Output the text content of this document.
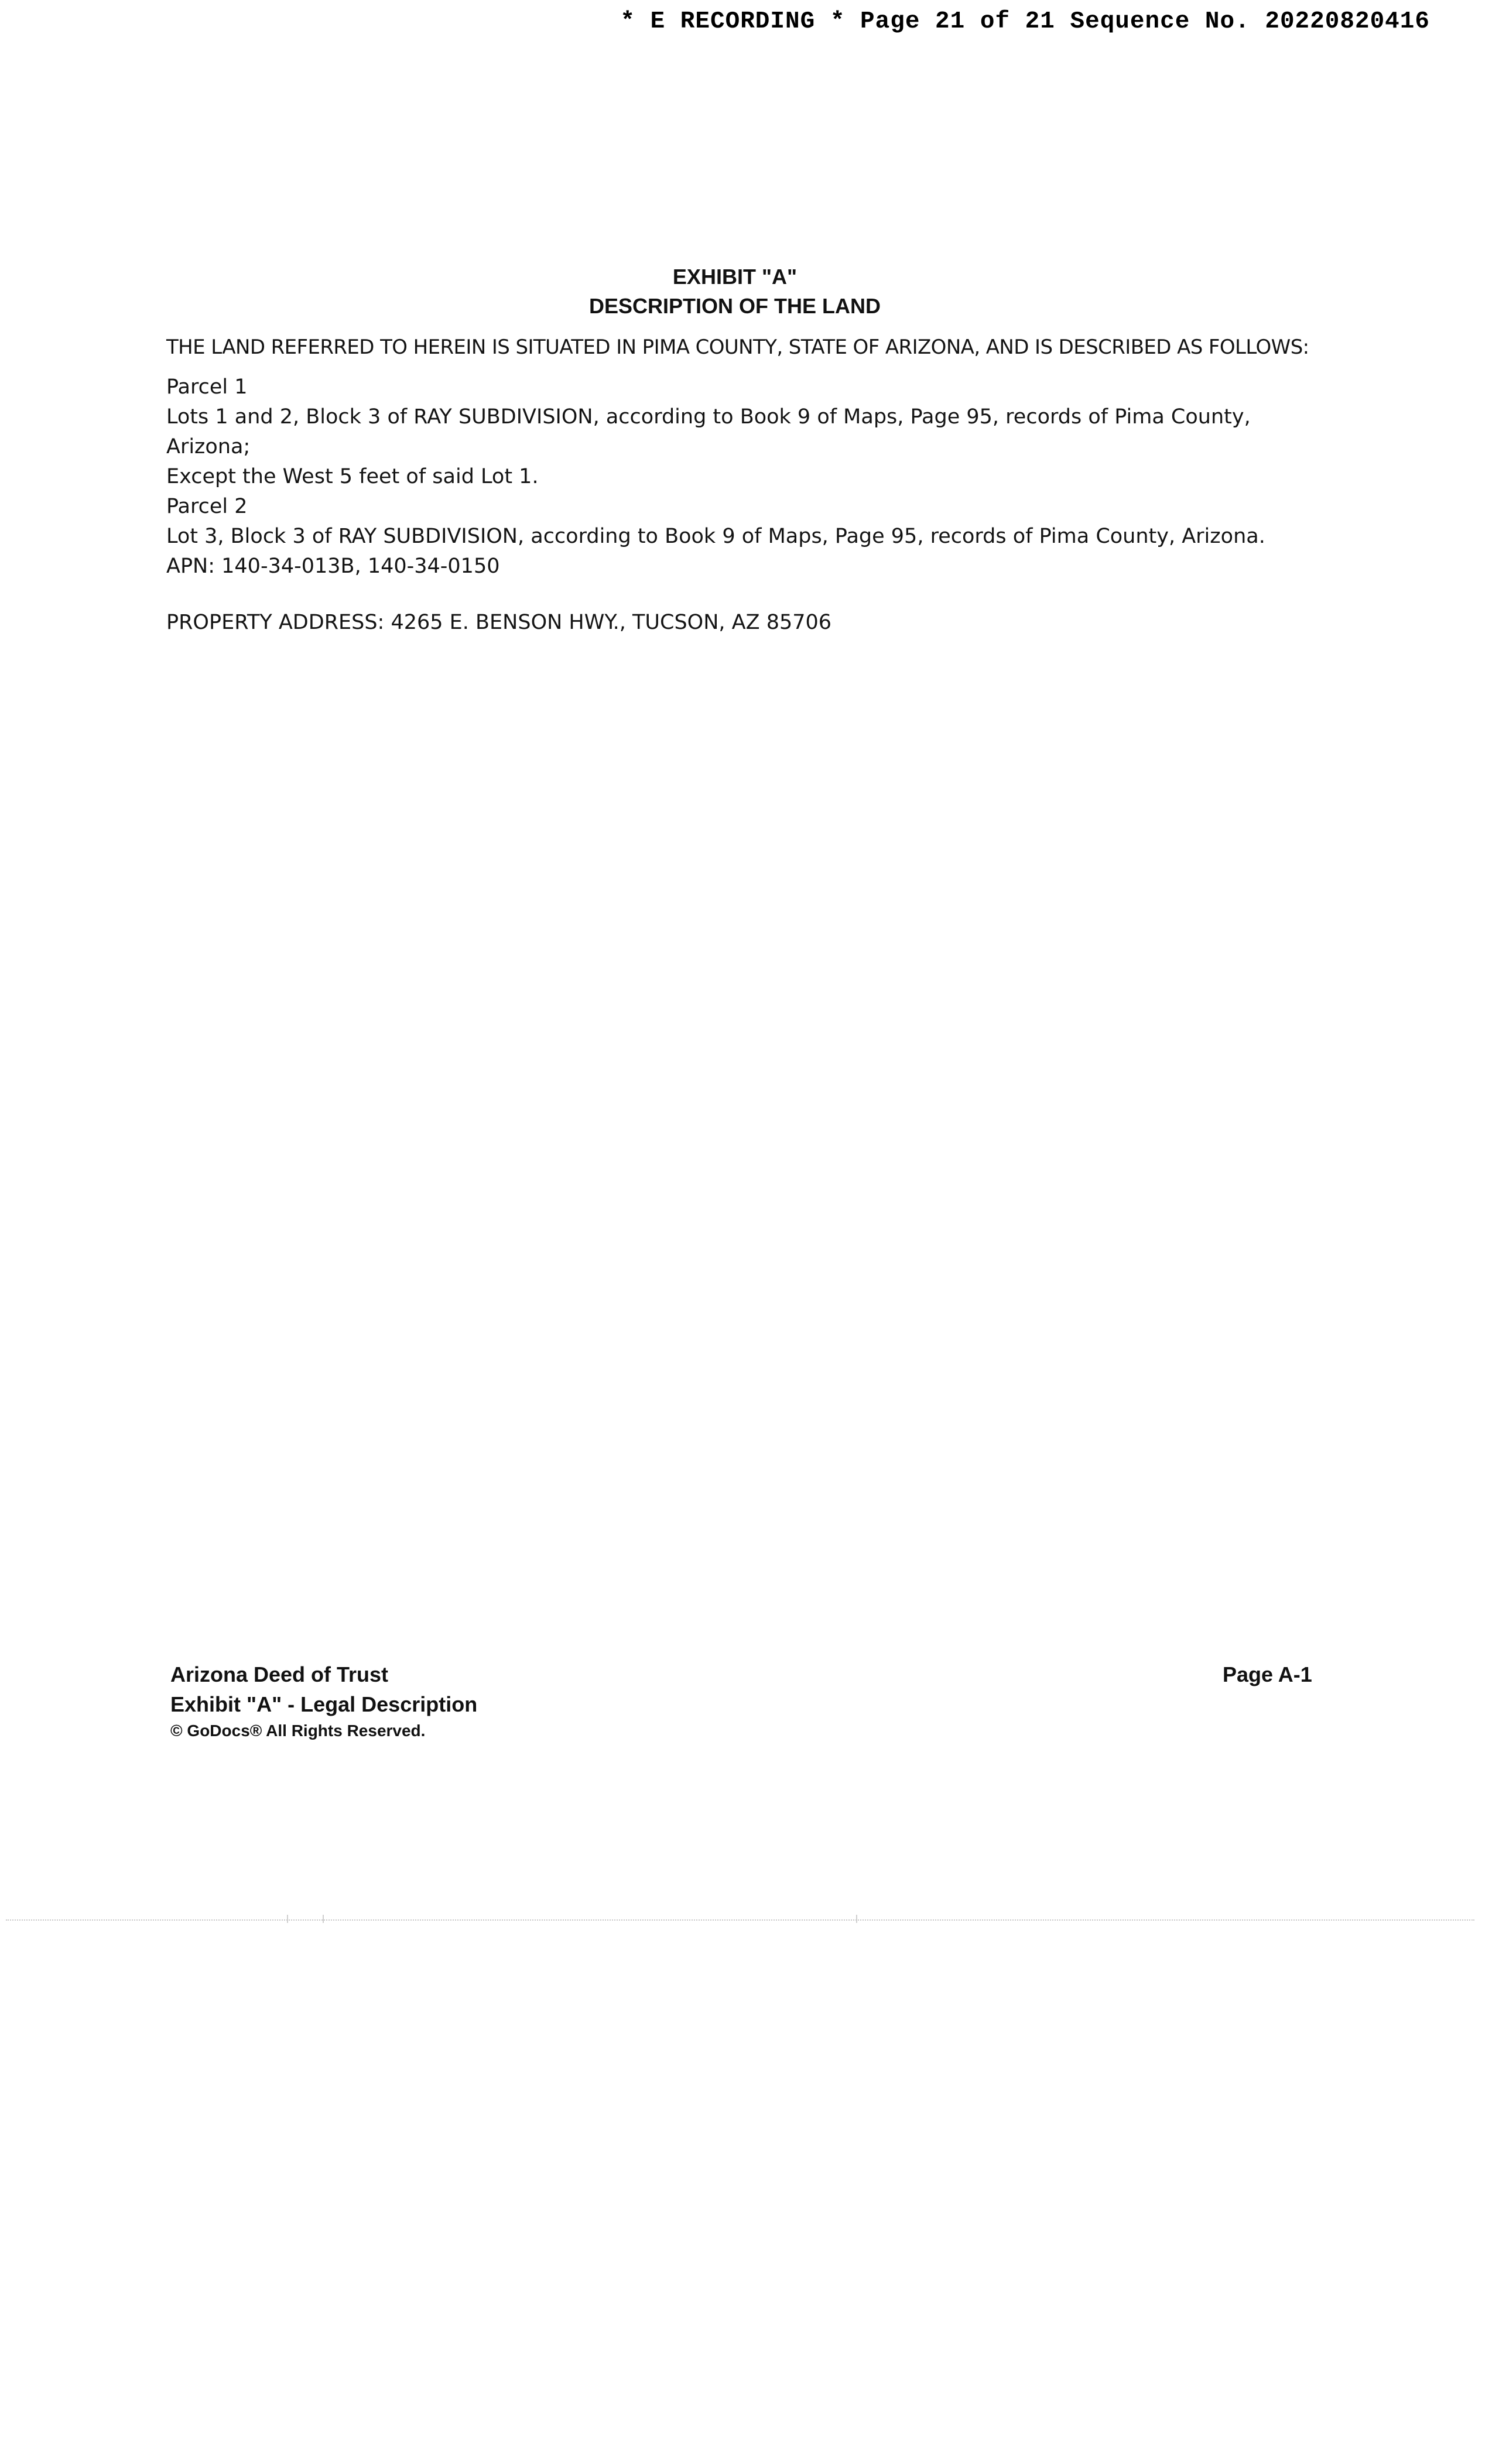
* E RECORDING * Page 21 of 21 Sequence No. 20220820416
EXHIBIT "A"
DESCRIPTION OF THE LAND
THE LAND REFERRED TO HEREIN IS SITUATED IN PIMA COUNTY, STATE OF ARIZONA, AND IS DESCRIBED AS FOLLOWS:
Parcel 1
Lots 1 and 2, Block 3 of RAY SUBDIVISION, according to Book 9 of Maps, Page 95, records of Pima County,
Arizona;
Except the West 5 feet of said Lot 1.
Parcel 2
Lot 3, Block 3 of RAY SUBDIVISION, according to Book 9 of Maps, Page 95, records of Pima County, Arizona.
APN: 140-34-013B, 140-34-0150
PROPERTY ADDRESS: 4265 E. BENSON HWY., TUCSON, AZ 85706
Arizona Deed of Trust
Exhibit "A" - Legal Description
© GoDocs® All Rights Reserved.
Page A-1
